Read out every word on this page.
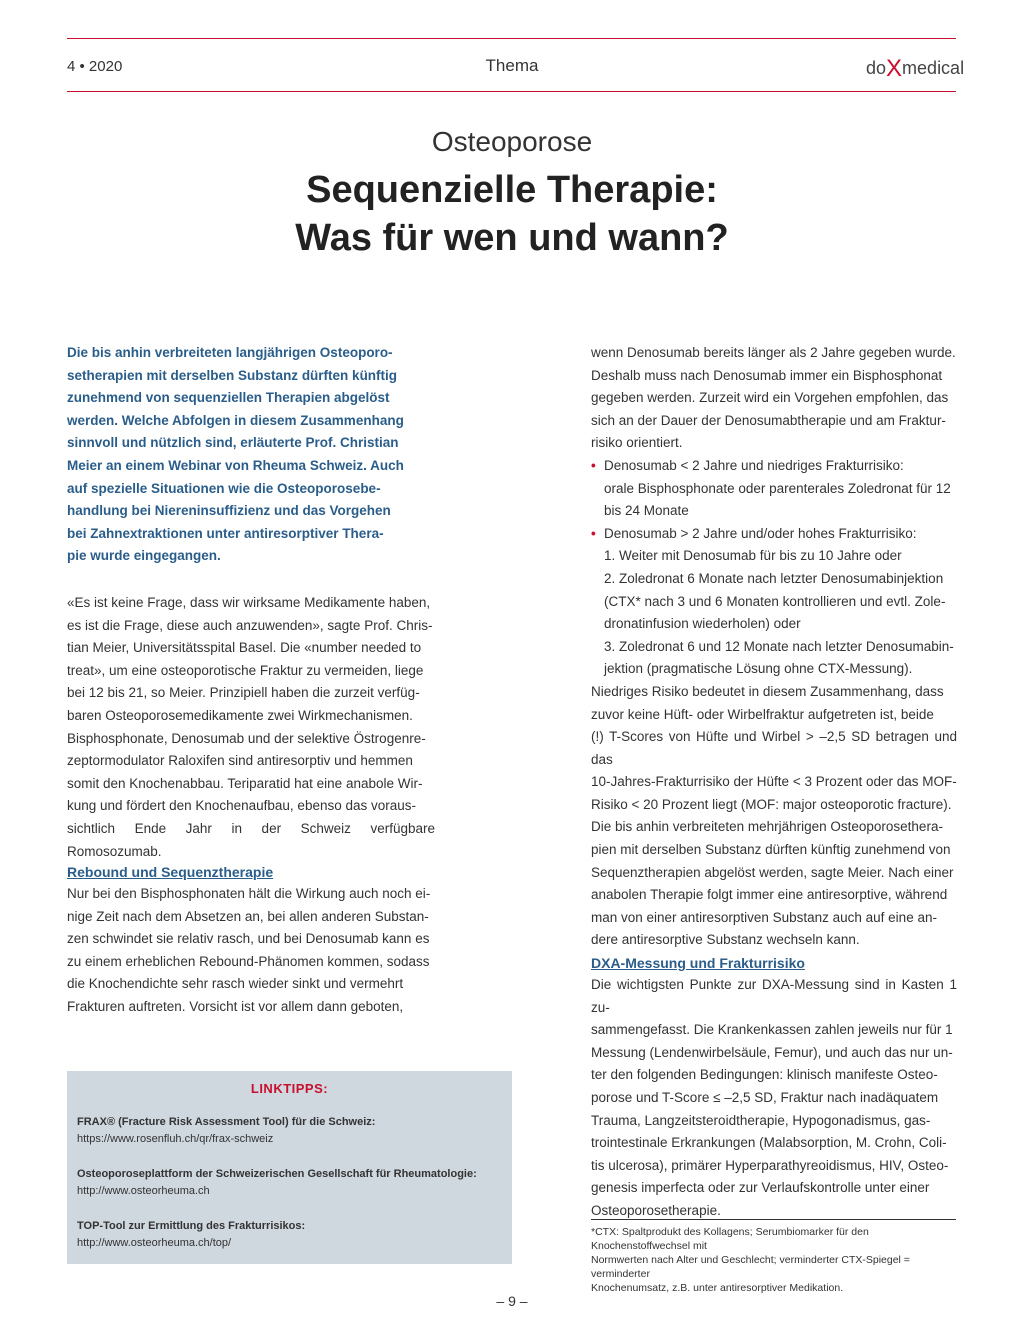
4 • 2020	Thema	doXmedical
Osteoporose
Sequenzielle Therapie:
Was für wen und wann?

Die bis anhin verbreiteten langjährigen Osteoporo-

setherapien mit derselben Substanz dürften künftig

zunehmend von sequenziellen Therapien abgelöst

werden. Welche Abfolgen in diesem Zusammenhang

sinnvoll und nützlich sind, erläuterte Prof. Christian

Meier an einem Webinar von Rheuma Schweiz. Auch

auf spezielle Situationen wie die Osteoporosebe-

handlung bei Niereninsuffizienz und das Vorgehen

bei Zahnextraktionen unter antiresorptiver Thera-

pie wurde eingegangen.

«Es ist keine Frage, dass wir wirksame Medikamente haben,

es ist die Frage, diese auch anzuwenden», sagte Prof. Chris-

tian Meier, Universitätsspital Basel. Die «number needed to

treat», um eine osteoporotische Fraktur zu vermeiden, liege

bei 12 bis 21, so Meier. Prinzipiell haben die zurzeit verfüg-

baren Osteoporosemedikamente zwei Wirkmechanismen.

Bisphosphonate, Denosumab und der selektive Östrogenre-

zeptormodulator Raloxifen sind antiresorptiv und hemmen

somit den Knochenabbau. Teriparatid hat eine anabole Wir-

kung und fördert den Knochenaufbau, ebenso das voraus-

sichtlich Ende Jahr in der Schweiz verfügbare Romosozumab.

Rebound und Sequenztherapie

Nur bei den Bisphosphonaten hält die Wirkung auch noch ei-

nige Zeit nach dem Absetzen an, bei allen anderen Substan-

zen schwindet sie relativ rasch, und bei Denosumab kann es

zu einem erheblichen Rebound-Phänomen kommen, sodass

die Knochendichte sehr rasch wieder sinkt und vermehrt

Frakturen auftreten. Vorsicht ist vor allem dann geboten,

LINKTIPPS:
FRAX® (Fracture Risk Assessment Tool) für die Schweiz:
https://www.rosenfluh.ch/qr/frax-schweiz
Osteoporoseplattform der Schweizerischen Gesellschaft für Rheumatologie:
http://www.osteorheuma.ch
TOP-Tool zur Ermittlung des Frakturrisikos:
http://www.osteorheuma.ch/top/

wenn Denosumab bereits länger als 2 Jahre gegeben wurde.

Deshalb muss nach Denosumab immer ein Bisphosphonat

gegeben werden. Zurzeit wird ein Vorgehen empfohlen, das

sich an der Dauer der Denosumabtherapie und am Fraktur-

risiko orientiert.

• Denosumab < 2 Jahre und niedriges Frakturrisiko:

orale Bisphosphonate oder parenterales Zoledronat für 12

bis 24 Monate

• Denosumab > 2 Jahre und/oder hohes Frakturrisiko:

1. Weiter mit Denosumab für bis zu 10 Jahre oder

2. Zoledronat 6 Monate nach letzter Denosumabinjektion

(CTX* nach 3 und 6 Monaten kontrollieren und evtl. Zole-

dronatinfusion wiederholen) oder

3. Zoledronat 6 und 12 Monate nach letzter Denosumabin-

jektion (pragmatische Lösung ohne CTX-Messung).

Niedriges Risiko bedeutet in diesem Zusammenhang, dass

zuvor keine Hüft- oder Wirbelfraktur aufgetreten ist, beide

(!) T-Scores von Hüfte und Wirbel > –2,5 SD betragen und das

10-Jahres-Frakturrisiko der Hüfte < 3 Prozent oder das MOF-

Risiko < 20 Prozent liegt (MOF: major osteoporotic fracture).

Die bis anhin verbreiteten mehrjährigen Osteoporosethera-

pien mit derselben Substanz dürften künftig zunehmend von

Sequenztherapien abgelöst werden, sagte Meier. Nach einer

anabolen Therapie folgt immer eine antiresorptive, während

man von einer antiresorptiven Substanz auch auf eine an-

dere antiresorptive Substanz wechseln kann.

DXA-Messung und Frakturrisiko

Die wichtigsten Punkte zur DXA-Messung sind in Kasten 1 zu-

sammengefasst. Die Krankenkassen zahlen jeweils nur für 1

Messung (Lendenwirbelsäule, Femur), und auch das nur un-

ter den folgenden Bedingungen: klinisch manifeste Osteo-

porose und T-Score ≤ –2,5 SD, Fraktur nach inadäquatem

Trauma, Langzeitsteroidtherapie, Hypogonadismus, gas-

trointestinale Erkrankungen (Malabsorption, M. Crohn, Coli-

tis ulcerosa), primärer Hyperparathyreoidismus, HIV, Osteo-

genesis imperfecta oder zur Verlaufskontrolle unter einer

Osteoporosetherapie.

*CTX: Spaltprodukt des Kollagens; Serumbiomarker für den Knochenstoffwechsel mit
Normwerten nach Alter und Geschlecht; verminderter CTX-Spiegel = verminderter
Knochenumsatz, z.B. unter antiresorptiver Medikation.
– 9 –
